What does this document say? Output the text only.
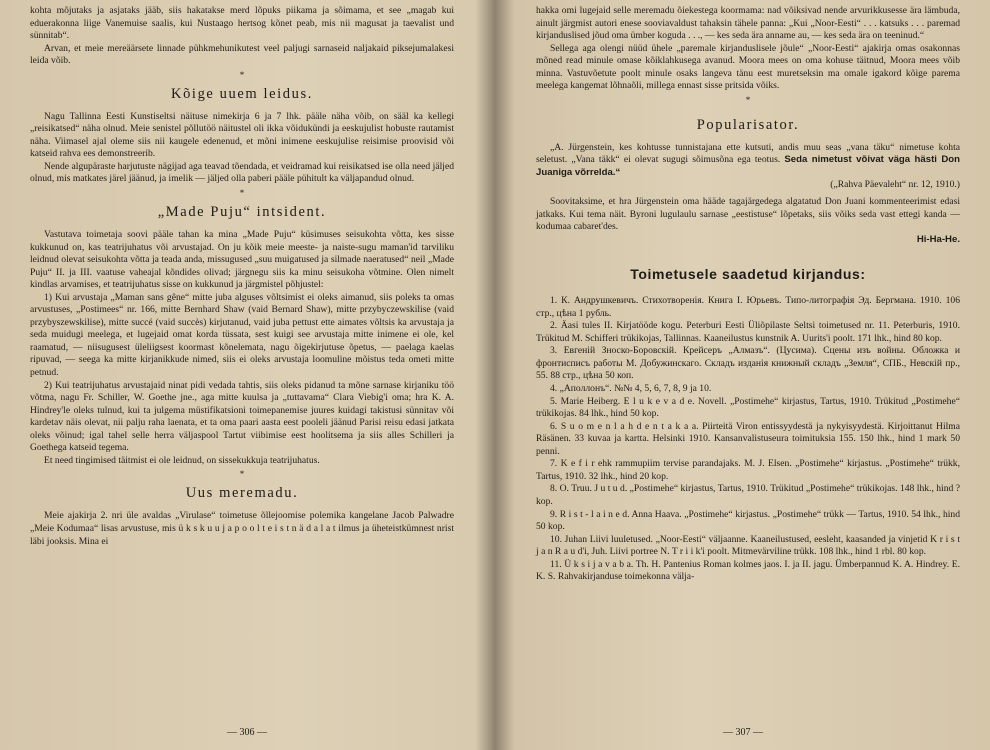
kohta mõjutaks ja asjataks jääb, siis hakatakse merd lõpuks piikama ja sõimama, et see „magab kui eduerakonna liige Vanemuise saalis, kui Nustaago hertsog kõnet peab, mis nii magusat ja taevalist und sünnitab“.

Arvan, et meie mereäärsete linnade pühkmehunikutest veel paljugi sarnaseid naljakaid piksejumalakesi leida võib.

*
Kõige uuem leidus.

Nagu Tallinna Eesti Kunstiseltsi näituse nimekirja 6 ja 7 lhk. pääle näha võib, on sääl ka kellegi „reisikatsed“ näha olnud. Meie senistel põllutöö näitustel oli ikka võidukündi ja eeskujulist hobuste rautamist näha. Viimasel ajal oleme siis nii kaugele edenenud, et mõni inimene eeskujulise reisimise proovisid või katseid rahva ees demonstreerib.

Nende algupäraste harjutuste nägijad aga teavad tõendada, et veidramad kui reisikatsed ise olla need jäljed olnud, mis matkates järel jäänud, ja imelik — jäljed olla paberi pääle pühitult ka väljapandud olnud.

*
„Made Puju“ intsident.

Vastutava toimetaja soovi pääle tahan ka mina „Made Puju“ küsimuses seisukohta võtta, kes sisse kukkunud on, kas teatrijuhatus või arvustajad. On ju kõik meie meeste- ja naiste-sugu maman'id tarviliku leidnud olevat seisukohta võtta ja teada anda, missugused „suu muigatused ja silmade naeratused“ neil „Made Puju“ II. ja III. vaatuse vaheajal kõndides olivad; järgnegu siis ka minu seisukoha võtmine. Olen nimelt kindlas arvamises, et teatrijuhatus sisse on kukkunud ja järgmistel põhjustel:

1) Kui arvustaja „Maman sans gêne“ mitte juba alguses võltsimist ei oleks aimanud, siis poleks ta omas arvustuses, „Postimees“ nr. 166, mitte Bernhard Shaw (vaid Bernard Shaw), mitte przybyczewskilise (vaid przybyszewskilise), mitte succé (vaid succès) kirjutanud, vaid juba pettust ette aimates võltsis ka arvustaja ja seda muidugi meelega, et lugejaid omat korda tüssata, sest kuigi see arvustaja mitte inimene ei ole, kel raamatud, — niisugusest üleliigsest koormast kõnelemata, nagu õigekirjutuse õpetus, — paelaga kaelas ripuvad, — seega ka mitte kirjanikkude nimed, siis ei oleks arvustaja loomuline mõistus teda ometi mitte petnud.

2) Kui teatrijuhatus arvustajaid ninat pidi vedada tahtis, siis oleks pidanud ta mõne sarnase kirjaniku töö võtma, nagu Fr. Schiller, W. Goethe jne., aga mitte kuulsa ja „tuttavama“ Clara Viebig'i oma; hra K. A. Hindrey'le oleks tulnud, kui ta julgema müstifikatsioni toimepanemise juures kuidagi takistusi sünnitav või kardetav näis olevat, nii palju raha laenata, et ta oma paari aasta eest pooleli jäänud Parisi reisu edasi jatkata oleks võinud; igal tahel selle herra väljaspool Tartut viibimise eest hoolitsema ja siis alles Schilleri ja Goethega katseid tegema.

Et need tingimised täitmist ei ole leidnud, on sissekukkuja teatrijuhatus.

*
Uus meremadu.

Meie ajakirja 2. nri üle avaldas „Virulase“ toimetuse õllejoomise polemika kangelane Jacob Palwadre „Meie Kodumaa“ lisas arvustuse, mis ü k s k u u j a p o o l t e i s t n ä d a l a t ilmus ja üheteistkümnest nrist läbi jooksis. Mina ei

— 306 —

hakka omi lugejaid selle meremadu õiekestega koormama: nad võiksivad nende arvurikkusesse ära lämbuda, ainult järgmist autori enese sooviavaldust tahaksin tähele panna: „Kui „Noor-Eesti“ . . . katsuks . . . paremad kirjanduslised jõud oma ümber koguda . . ., — kes seda ära anname au, — kes seda ära on teeninud.“

Sellega aga olengi nüüd ühele „paremale kirjanduslisele jõule“ „Noor-Eesti“ ajakirja omas osakonnas mõned read minule omase kõiklahkusega avanud. Moora mees on oma kohuse täitnud, Moora mees võib minna. Vastuvõetute poolt minule osaks langeva tänu eest muretseksin ma omale igakord kõige parema meelega kangemat lõhnaõli, millega ennast sisse pritsida võiks.

*
Popularisator.

„A. Jürgenstein, kes kohtusse tunnistajana ette kutsuti, andis muu seas „vana täku“ nimetuse kohta seletust. „Vana täkk“ ei olevat sugugi sõimusõna ega teotus. Seda nimetust võivat väga hästi Don Juaniga võrrelda.“

(„Rahva Päevaleht“ nr. 12, 1910.)

Soovitaksime, et hra Jürgenstein oma hääde tagajärgedega algatatud Don Juani kommenteerimist edasi jatkaks. Kui tema näit. Byroni lugulaulu sarnase „eestistuse“ lõpetaks, siis võiks seda vast ettegi kanda — kodumaa cabaret'des.

Hi-Ha-He.
Toimetusele saadetud kirjandus:

1. К. Андрушкевичъ. Стихотворенiя. Книга I. Юрьевъ. Типо-литографiя Эд. Бергмана. 1910. 106 стр., цѣна 1 рубль.

2. Äasi tules II. Kirjatööde kogu. Peterburi Eesti Üliõpilaste Seltsi toimetused nr. 11. Peterburis, 1910. Trükitud M. Schifferi trükikojas, Tallinnas. Kaaneilustus kunstnik A. Uurits'i poolt. 171 lhk., hind 80 kop.

3. Евгенiй Зноско-Боровскiй. Крейсеръ „Алмазъ“. (Цусима). Сцены изъ войны. Обложка и фронтисписъ работы М. Добужинскаго. Складъ изданiя книжный складъ „Земля“, СПБ., Невскiй пр., 55. 88 стр., цѣна 50 коп.

4. „Аполлонъ“. №№ 4, 5, 6, 7, 8, 9 ja 10.

5. Marie Heiberg. E l u k e v a d e. Novell. „Postimehe“ kirjastus, Tartus, 1910. Trükitud „Postimehe“ trükikojas. 84 lhk., hind 50 kop.

6. S u o m e n l a h d e n t a k a a. Piirteitä Viron entissyydestä ja nykyisyydestä. Kirjoittanut Hilma Räsänen. 33 kuvaa ja kartta. Helsinki 1910. Kansanvalistuseura toimituksia 155. 150 lhk., hind 1 mark 50 penni.

7. K e f i r ehk rammupiim tervise parandajaks. M. J. Elsen. „Postimehe“ kirjastus. „Postimehe“ trükk, Tartus, 1910. 32 lhk., hind 20 kop.

8. O. Truu. J u t u d. „Postimehe“ kirjastus, Tartus, 1910. Trükitud „Postimehe“ trükikojas. 148 lhk., hind ? kop.

9. R i s t - l a i n e d. Anna Haava. „Postimehe“ kirjastus. „Postimehe“ trükk — Tartus, 1910. 54 lhk., hind 50 kop.

10. Juhan Liivi luuletused. „Noor-Eesti“ väljaanne. Kaaneilustused, eesleht, kaasanded ja vinjetid K r i s t j a n R a u d'i, Juh. Liivi portree N. T r i i k'i poolt. Mitmevärviline trükk. 108 lhk., hind 1 rbl. 80 kop.

11. Ü k s i j a v a b a. Th. H. Pantenius Roman kolmes jaos. I. ja II. jagu. Ümberpannud K. A. Hindrey. E. K. S. Rahvakirjanduse toimekonna välja-

— 307 —
